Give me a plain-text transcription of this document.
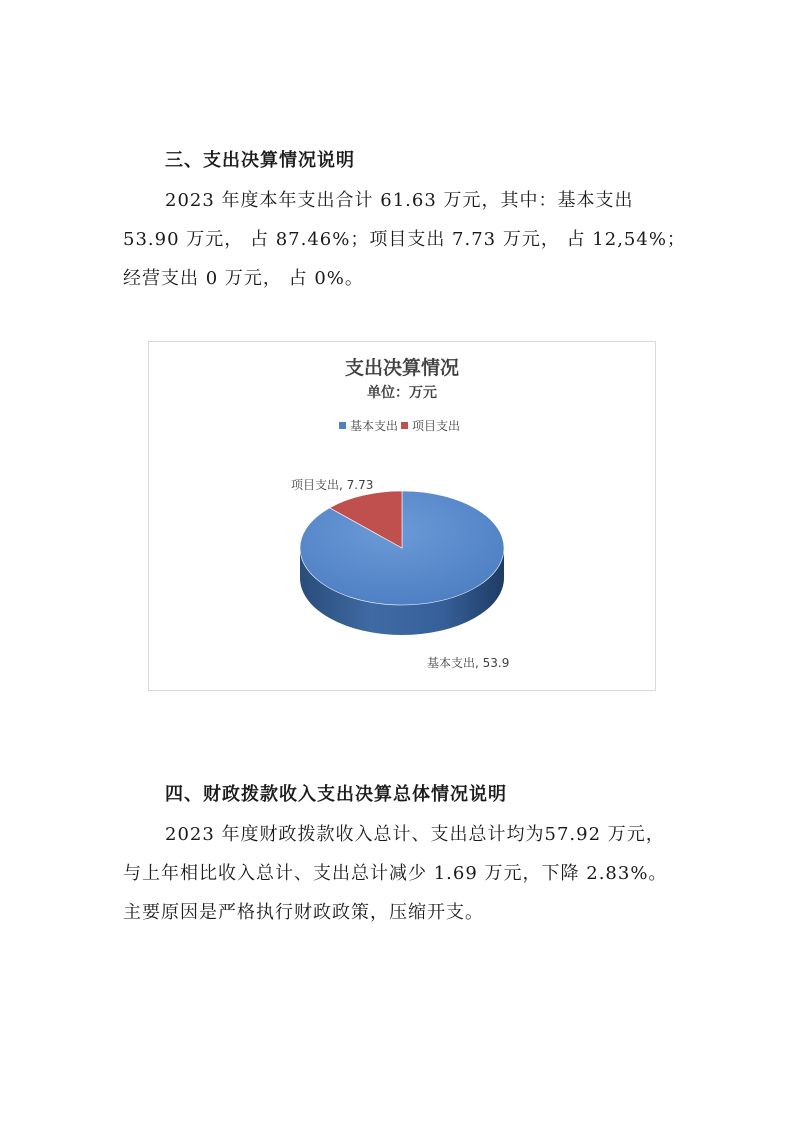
三、支出决算情况说明
2023 年度本年支出合计 61.63 万元，其中：基本支出
53.90 万元， 占 87.46%；项目支出 7.73 万元， 占 12,54%；
经营支出 0 万元， 占 0%。
支出决算情况
单位：万元
基本支出 项目支出
基本支出, 53.9
项目支出, 7.73
四、财政拨款收入支出决算总体情况说明
2023 年度财政拨款收入总计、支出总计均为57.92 万元，
与上年相比收入总计、支出总计减少 1.69 万元，下降 2.83%。
主要原因是严格执行财政政策，压缩开支。
